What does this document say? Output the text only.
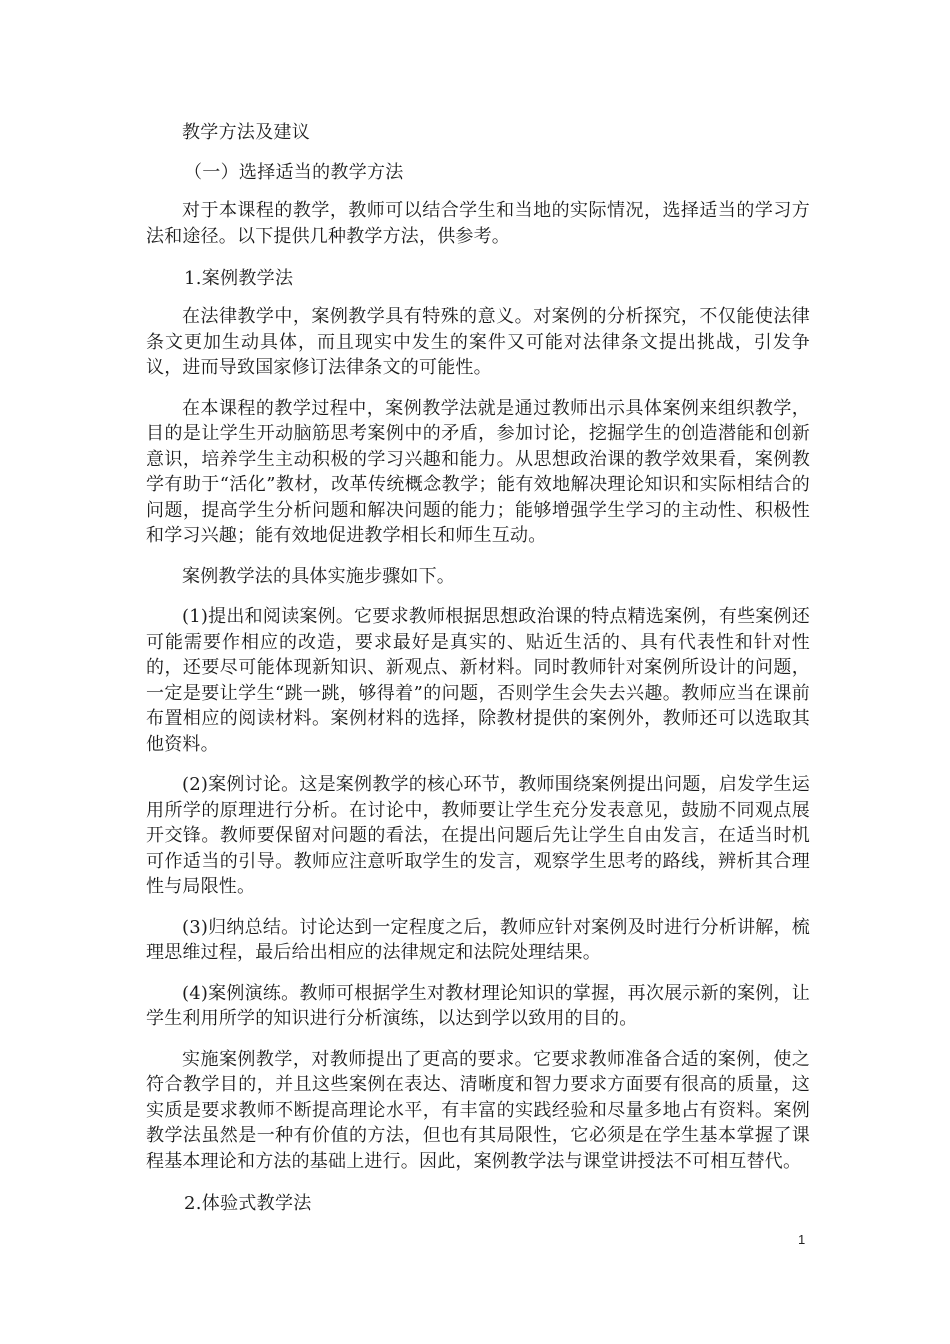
教学方法及建议

（一）选择适当的教学方法

对于本课程的教学，教师可以结合学生和当地的实际情况，选择适当的学习方法和途径。以下提供几种教学方法，供参考。

1.案例教学法

在法律教学中，案例教学具有特殊的意义。对案例的分析探究，不仅能使法律条文更加生动具体，而且现实中发生的案件又可能对法律条文提出挑战，引发争议，进而导致国家修订法律条文的可能性。

在本课程的教学过程中，案例教学法就是通过教师出示具体案例来组织教学，目的是让学生开动脑筋思考案例中的矛盾，参加讨论，挖掘学生的创造潜能和创新意识，培养学生主动积极的学习兴趣和能力。从思想政治课的教学效果看，案例教学有助于“活化”教材，改革传统概念教学；能有效地解决理论知识和实际相结合的问题，提高学生分析问题和解决问题的能力；能够增强学生学习的主动性、积极性和学习兴趣；能有效地促进教学相长和师生互动。

案例教学法的具体实施步骤如下。

(1)提出和阅读案例。它要求教师根据思想政治课的特点精选案例，有些案例还可能需要作相应的改造，要求最好是真实的、贴近生活的、具有代表性和针对性的，还要尽可能体现新知识、新观点、新材料。同时教师针对案例所设计的问题，一定是要让学生“跳一跳，够得着”的问题，否则学生会失去兴趣。教师应当在课前布置相应的阅读材料。案例材料的选择，除教材提供的案例外，教师还可以选取其他资料。

(2)案例讨论。这是案例教学的核心环节，教师围绕案例提出问题，启发学生运用所学的原理进行分析。在讨论中，教师要让学生充分发表意见，鼓励不同观点展开交锋。教师要保留对问题的看法，在提出问题后先让学生自由发言，在适当时机可作适当的引导。教师应注意听取学生的发言，观察学生思考的路线，辨析其合理性与局限性。

(3)归纳总结。讨论达到一定程度之后，教师应针对案例及时进行分析讲解，梳理思维过程，最后给出相应的法律规定和法院处理结果。

(4)案例演练。教师可根据学生对教材理论知识的掌握，再次展示新的案例，让学生利用所学的知识进行分析演练，以达到学以致用的目的。

实施案例教学，对教师提出了更高的要求。它要求教师准备合适的案例，使之符合教学目的，并且这些案例在表达、清晰度和智力要求方面要有很高的质量，这实质是要求教师不断提高理论水平，有丰富的实践经验和尽量多地占有资料。案例教学法虽然是一种有价值的方法，但也有其局限性，它必须是在学生基本掌握了课程基本理论和方法的基础上进行。因此，案例教学法与课堂讲授法不可相互替代。

2.体验式教学法

1
